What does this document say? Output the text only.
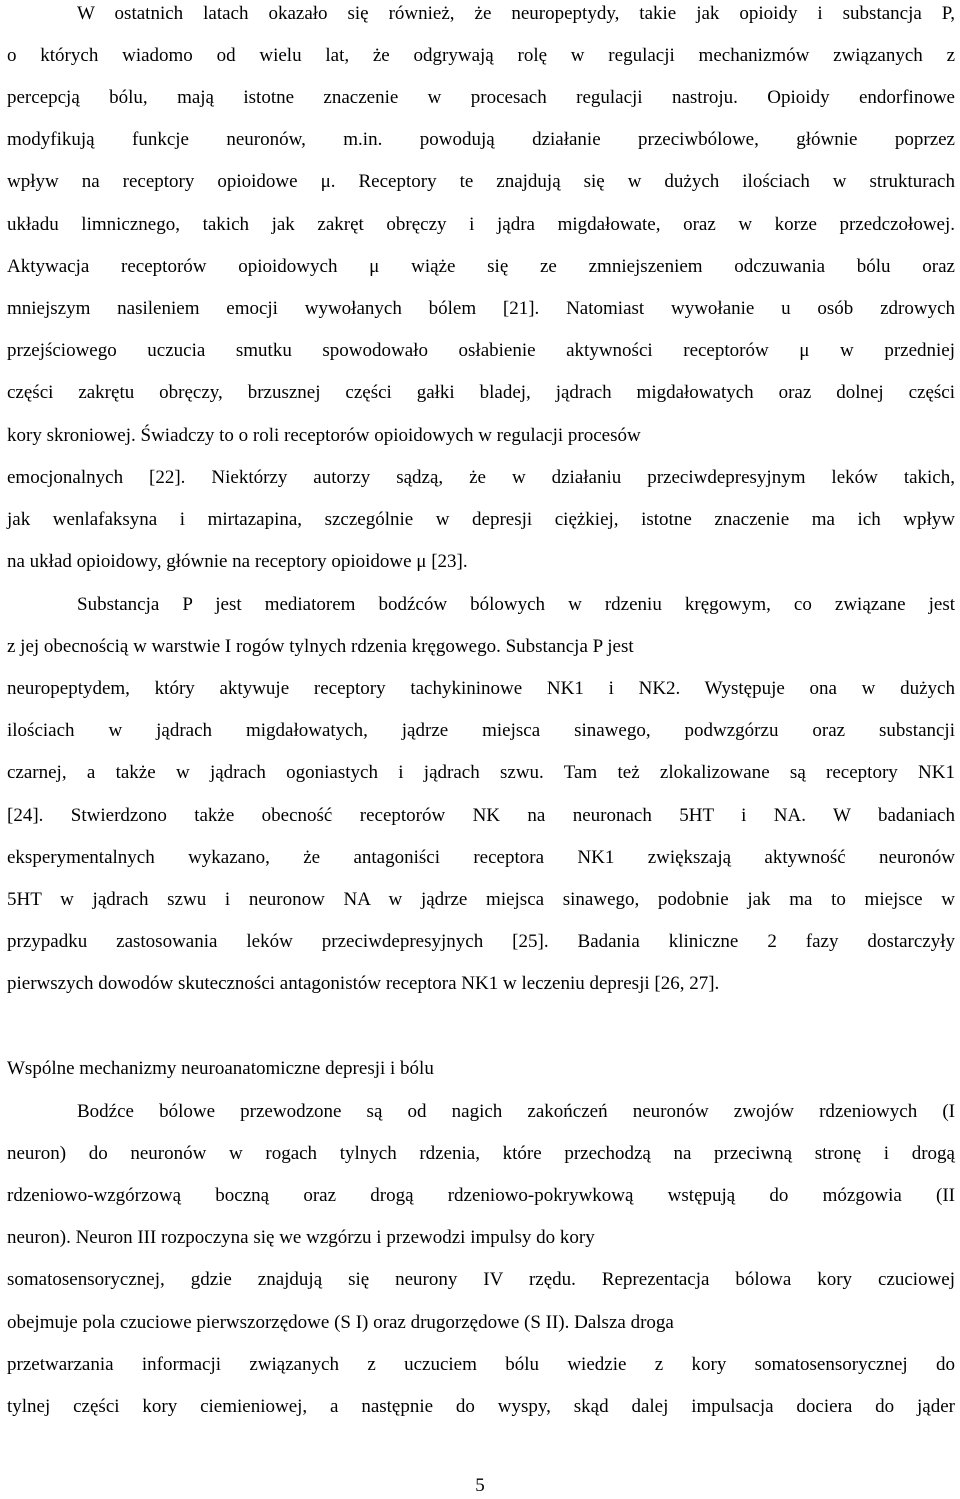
W ostatnich latach okazało się również, że neuropeptydy, takie jak opioidy i substancja P,

o których wiadomo od wielu lat, że odgrywają rolę w regulacji mechanizmów związanych z

percepcją bólu, mają istotne znaczenie w procesach regulacji nastroju. Opioidy endorfinowe

modyfikują funkcje neuronów, m.in. powodują działanie przeciwbólowe, głównie poprzez

wpływ na receptory opioidowe μ. Receptory te znajdują się w dużych ilościach w strukturach

układu limnicznego, takich jak zakręt obręczy i jądra migdałowate, oraz w korze przedczołowej.

Aktywacja receptorów opioidowych μ wiąże się ze zmniejszeniem odczuwania bólu oraz

mniejszym nasileniem emocji wywołanych bólem [21]. Natomiast wywołanie u osób zdrowych

przejściowego uczucia smutku spowodowało osłabienie aktywności receptorów μ w przedniej

części zakrętu obręczy, brzusznej części gałki bladej, jądrach migdałowatych oraz dolnej części

kory skroniowej. Świadczy to o roli receptorów opioidowych w regulacji procesów

emocjonalnych [22]. Niektórzy autorzy sądzą, że w działaniu przeciwdepresyjnym leków takich,

jak wenlafaksyna i mirtazapina, szczególnie w depresji ciężkiej, istotne znaczenie ma ich wpływ

na układ opioidowy, głównie na receptory opioidowe μ [23].

Substancja P jest mediatorem bodźców bólowych w rdzeniu kręgowym, co związane jest

z jej obecnością w warstwie I rogów tylnych rdzenia kręgowego. Substancja P jest

neuropeptydem, który aktywuje receptory tachykininowe NK1 i NK2. Występuje ona w dużych

ilościach w jądrach migdałowatych, jądrze miejsca sinawego, podwzgórzu oraz substancji

czarnej, a także w jądrach ogoniastych i jądrach szwu. Tam też zlokalizowane są receptory NK1

[24]. Stwierdzono także obecność receptorów NK na neuronach 5HT i NA. W badaniach

eksperymentalnych wykazano, że antagoniści receptora NK1 zwiększają aktywność neuronów

5HT w jądrach szwu i neuronow NA w jądrze miejsca sinawego, podobnie jak ma to miejsce w

przypadku zastosowania leków przeciwdepresyjnych [25]. Badania kliniczne 2 fazy dostarczyły

pierwszych dowodów skuteczności antagonistów receptora NK1 w leczeniu depresji [26, 27].

Wspólne mechanizmy neuroanatomiczne depresji i bólu

Bodźce bólowe przewodzone są od nagich zakończeń neuronów zwojów rdzeniowych (I

neuron) do neuronów w rogach tylnych rdzenia, które przechodzą na przeciwną stronę i drogą

rdzeniowo-wzgórzową boczną oraz drogą rdzeniowo-pokrywkową wstępują do mózgowia (II

neuron). Neuron III rozpoczyna się we wzgórzu i przewodzi impulsy do kory

somatosensorycznej, gdzie znajdują się neurony IV rzędu. Reprezentacja bólowa kory czuciowej

obejmuje pola czuciowe pierwszorzędowe (S I) oraz drugorzędowe (S II). Dalsza droga

przetwarzania informacji związanych z uczuciem bólu wiedzie z kory somatosensorycznej do

tylnej części kory ciemieniowej, a następnie do wyspy, skąd dalej impulsacja dociera do jąder

5
